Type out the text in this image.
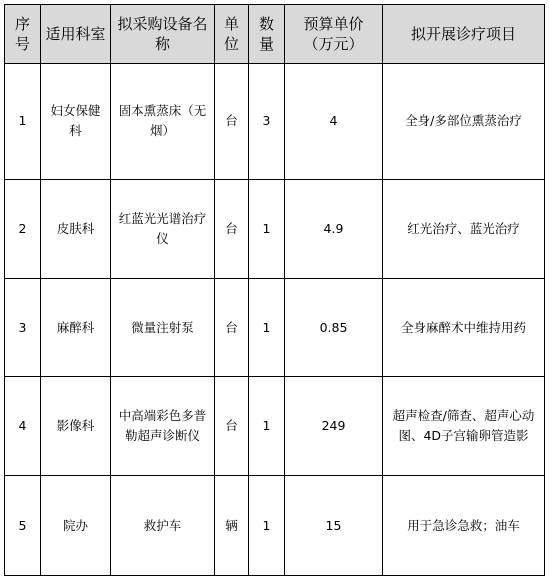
序号	适用科室	拟采购设备名称	单位	数量	预算单价（万元）	拟开展诊疗项目
1	妇女保健科	固本熏蒸床（无烟）	台	3	4	全身/多部位熏蒸治疗
2	皮肤科	红蓝光光谱治疗仪	台	1	4.9	红光治疗、蓝光治疗
3	麻醉科	微量注射泵	台	1	0.85	全身麻醉术中维持用药
4	影像科	中高端彩色多普勒超声诊断仪	台	1	249	超声检查/筛查、超声心动图、4D子宫输卵管造影
5	院办	救护车	辆	1	15	用于急诊急救；油车
